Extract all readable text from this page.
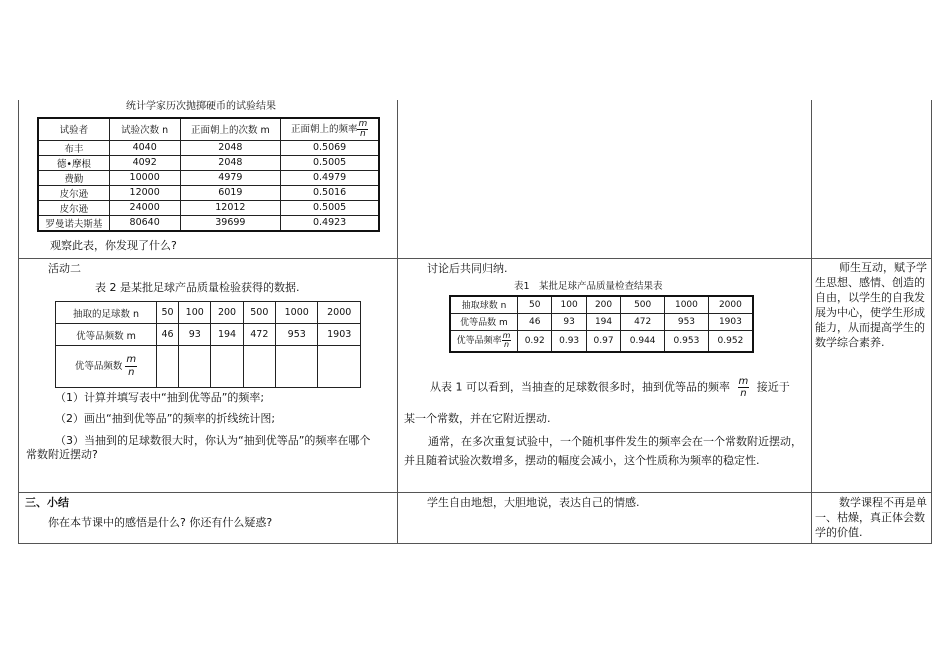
统计学家历次抛掷硬币的试验结果
试验者	试验次数 n	正面朝上的次数 m	正面朝上的频率 $\frac{m}{n}$

布丰	4040	2048	0.5069
德•摩根	4092	2048	0.5005
费勤	10000	4979	0.4979
皮尔逊	12000	6019	0.5016
皮尔逊	24000	12012	0.5005
罗曼诺夫斯基	80640	39699	0.4923
观察此表，你发现了什么?
活动二
表 2 是某批足球产品质量检验获得的数据.
抽取的足球数 n	50	100	200	500	1000	2000
优等品频数 m	46	93	194	472	953	1903
优等品频数 $\frac{m}{n}$

（1）计算并填写表中“抽到优等品”的频率;
（2）画出“抽到优等品”的频率的折线统计图;
（3）当抽到的足球数很大时，你认为“抽到优等品”的频率在哪个
常数附近摆动?
讨论后共同归纳.
表1　某批足球产品质量检查结果表
抽取球数 n	50	100	200	500	1000	2000
优等品数 m	46	93	194	472	953	1903
优等品频率 $\frac{m}{n}$	0.92	0.93	0.97	0.944	0.953	0.952
从表 1 可以看到，当抽查的足球数很多时，抽到优等品的频率 $\frac{m}{n}$ 接近于
某一个常数，并在它附近摆动.
通常，在多次重复试验中，一个随机事件发生的频率会在一个常数附近摆动，并且随着试验次数增多，摆动的幅度会减小，这个性质称为频率的稳定性.
师生互动，赋予学生思想、感情、创造的自由，以学生的自我发展为中心，使学生形成能力，从而提高学生的数学综合素养.
三、小结
你在本节课中的感悟是什么? 你还有什么疑惑?
学生自由地想，大胆地说，表达自己的情感.	数学课程不再是单一、枯燥，真正体会数学的价值.
